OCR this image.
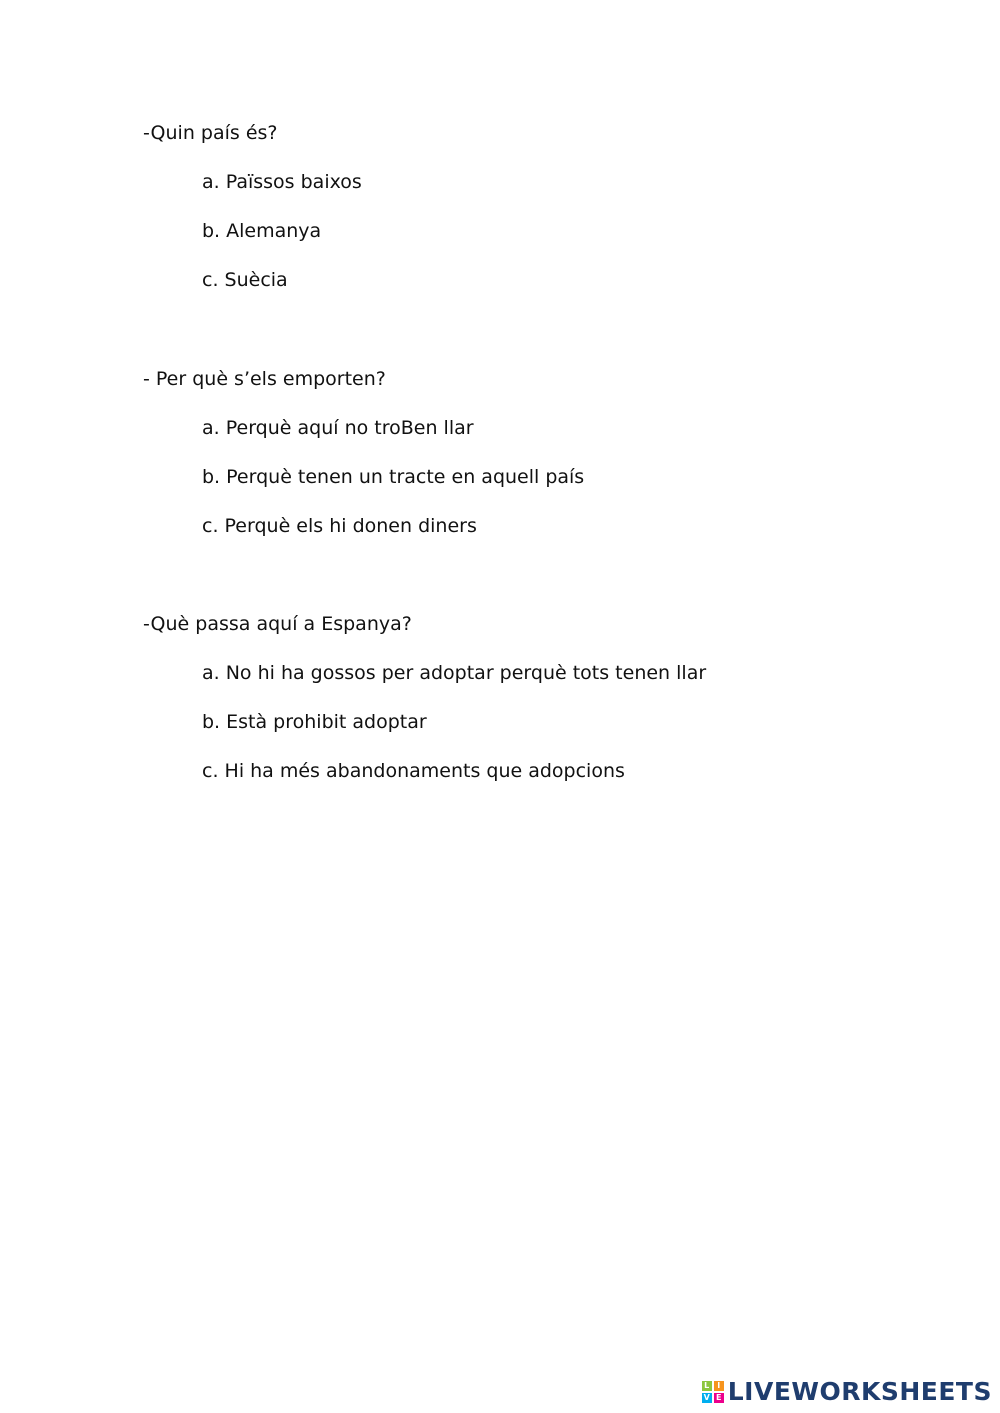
-Quin país és?
a. Païssos baixos
b. Alemanya
c. Suècia
- Per què s’els emporten?
a. Perquè aquí no troBen llar
b. Perquè tenen un tracte en aquell país
c. Perquè els hi donen diners
-Què passa aquí a Espanya?
a. No hi ha gossos per adoptar perquè tots tenen llar
b. Està prohibit adoptar
c. Hi ha més abandonaments que adopcions
L I
V E LIVEWORKSHEETS
